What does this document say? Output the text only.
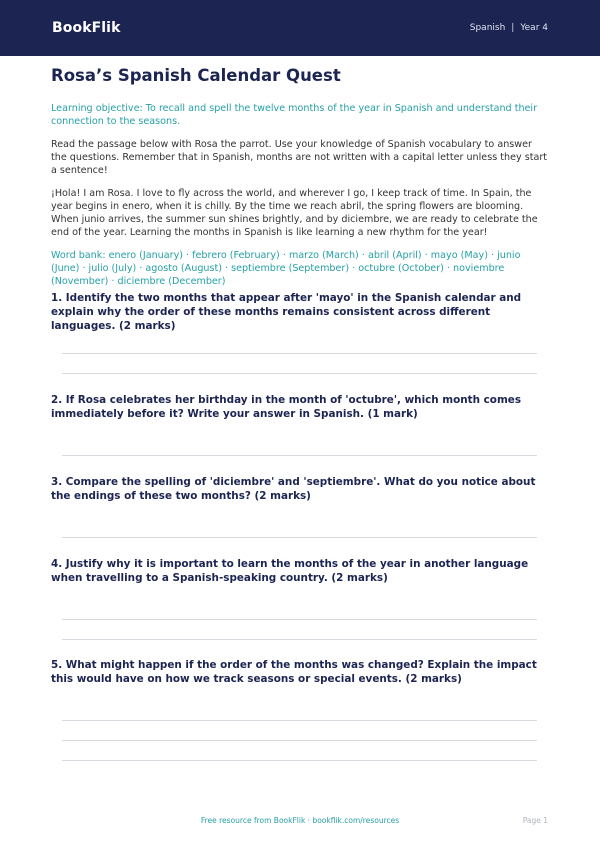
BookFlik	Spanish | Year 4
Rosa’s Spanish Calendar Quest
Learning objective: To recall and spell the twelve months of the year in Spanish and understand their connection to the seasons.
Read the passage below with Rosa the parrot. Use your knowledge of Spanish vocabulary to answer the questions. Remember that in Spanish, months are not written with a capital letter unless they start a sentence!
¡Hola! I am Rosa. I love to fly across the world, and wherever I go, I keep track of time. In Spain, the year begins in enero, when it is chilly. By the time we reach abril, the spring flowers are blooming. When junio arrives, the summer sun shines brightly, and by diciembre, we are ready to celebrate the end of the year. Learning the months in Spanish is like learning a new rhythm for the year!
Word bank: enero (January) · febrero (February) · marzo (March) · abril (April) · mayo (May) · junio (June) · julio (July) · agosto (August) · septiembre (September) · octubre (October) · noviembre (November) · diciembre (December)
1. Identify the two months that appear after 'mayo' in the Spanish calendar and explain why the order of these months remains consistent across different languages. (2 marks)
2. If Rosa celebrates her birthday in the month of 'octubre', which month comes immediately before it? Write your answer in Spanish. (1 mark)
3. Compare the spelling of 'diciembre' and 'septiembre'. What do you notice about the endings of these two months? (2 marks)
4. Justify why it is important to learn the months of the year in another language when travelling to a Spanish-speaking country. (2 marks)
5. What might happen if the order of the months was changed? Explain the impact this would have on how we track seasons or special events. (2 marks)
Free resource from BookFlik · bookflik.com/resources	Page 1
